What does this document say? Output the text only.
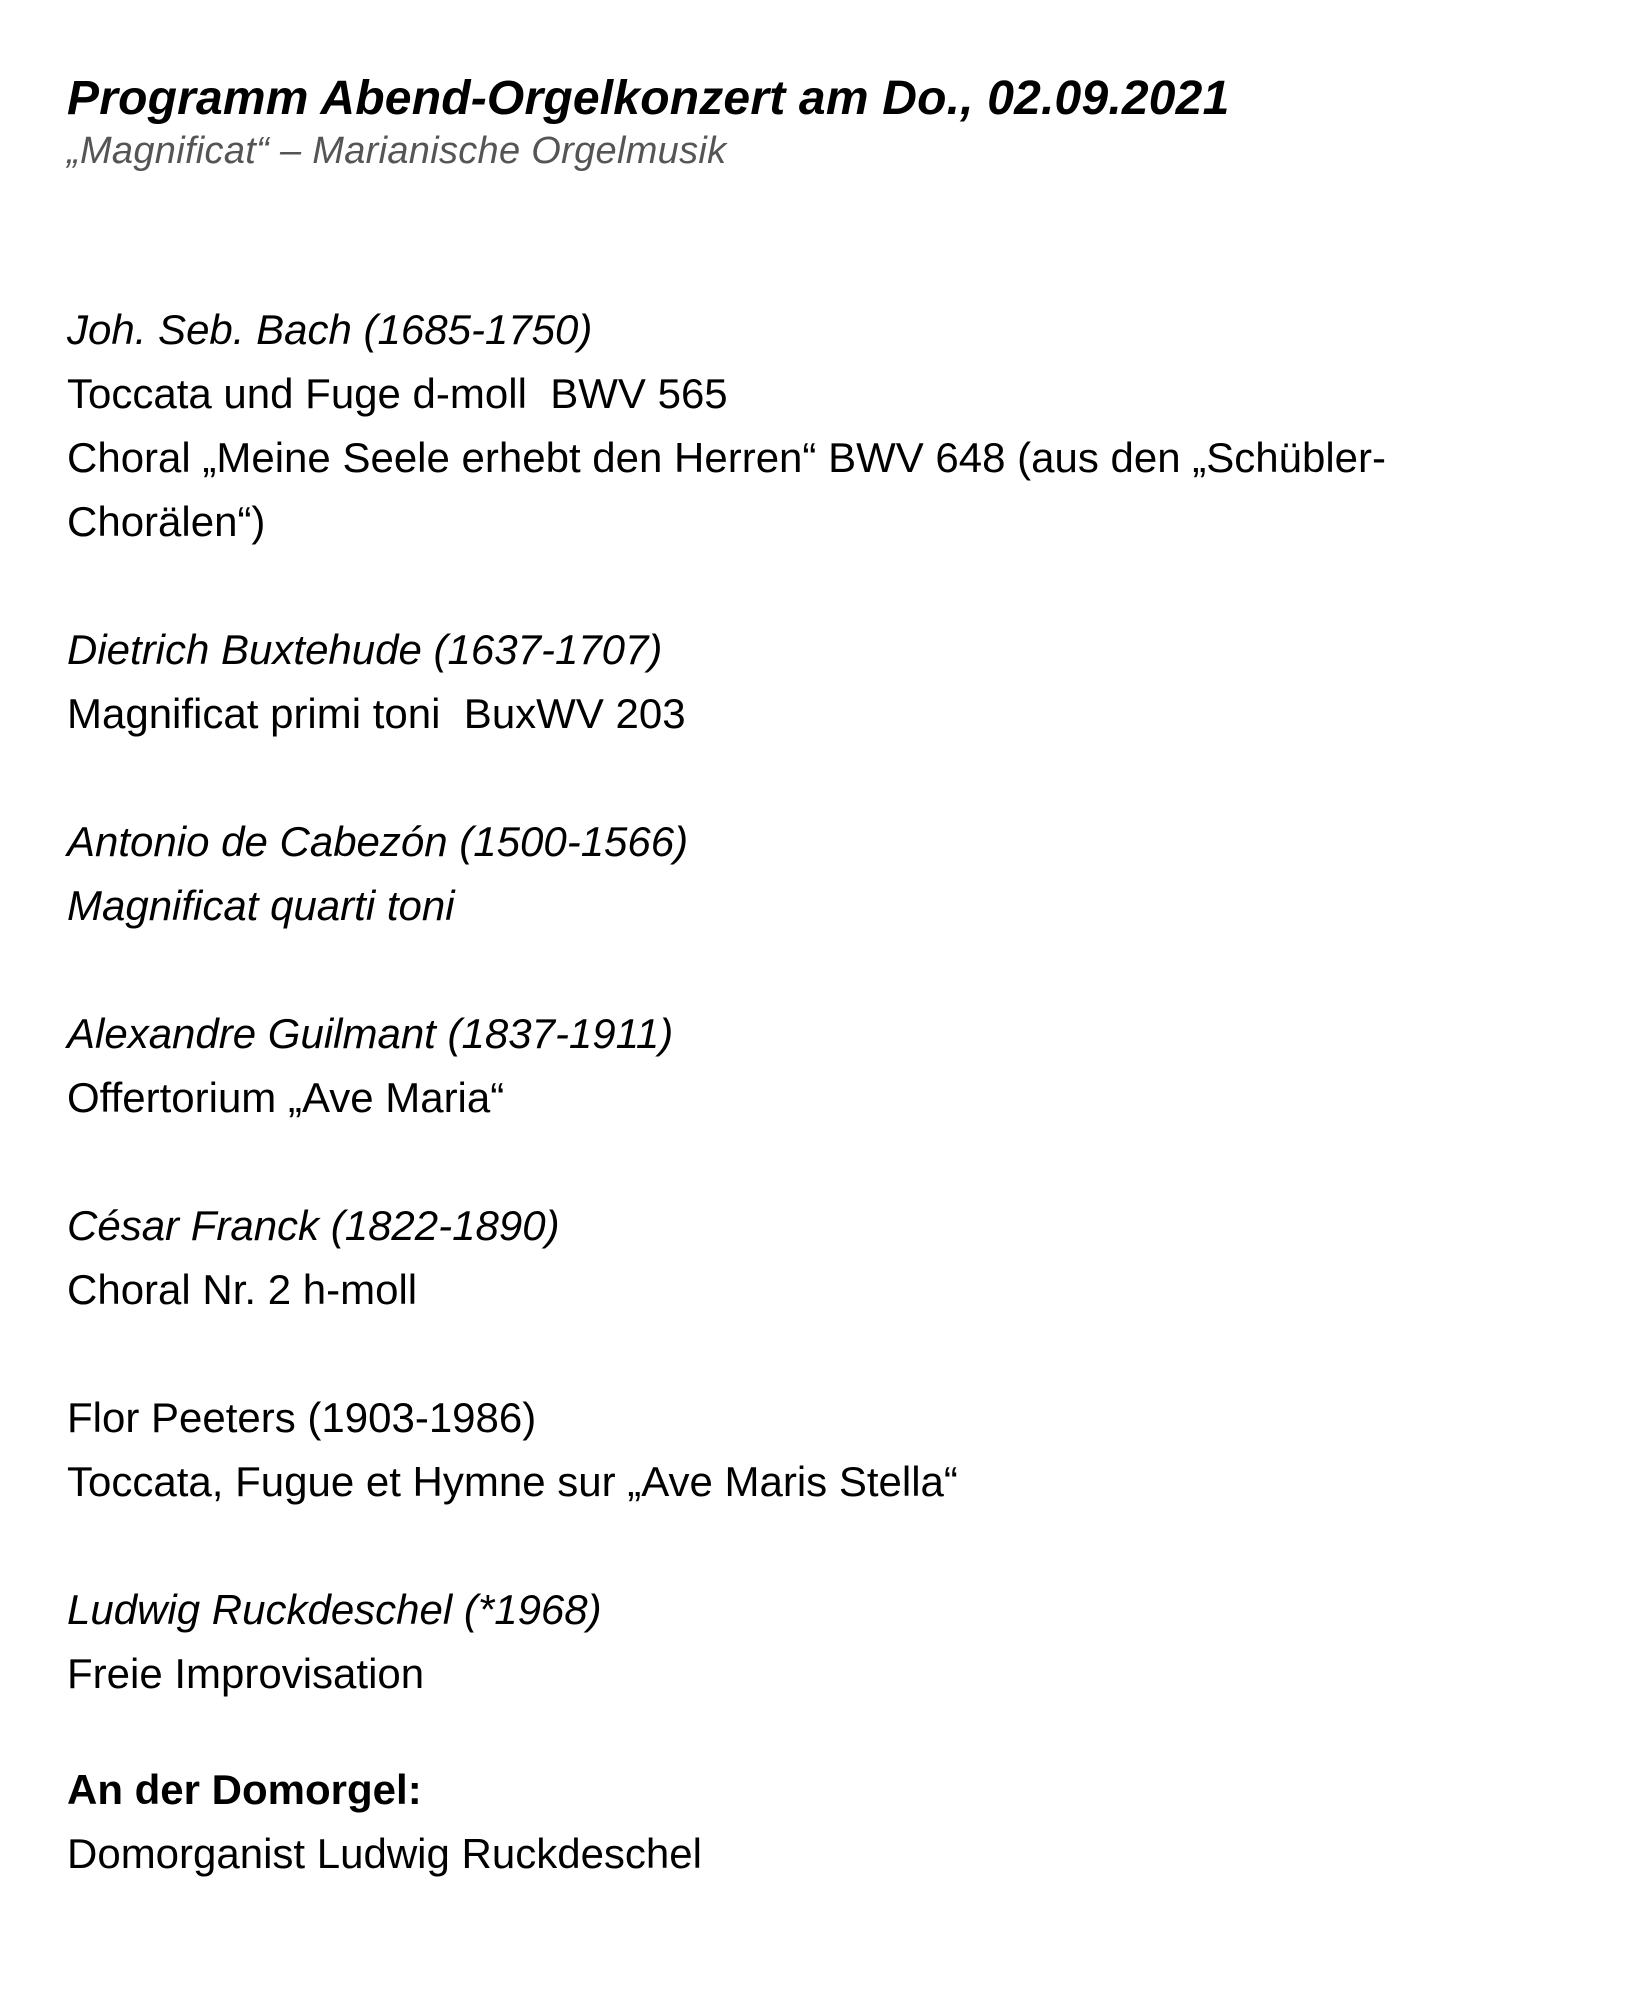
Programm Abend-Orgelkonzert am Do., 02.09.2021

„Magnificat“ – Marianische Orgelmusik

Joh. Seb. Bach (1685-1750)

Toccata und Fuge d-moll  BWV 565

Choral „Meine Seele erhebt den Herren“ BWV 648 (aus den „Schübler-

Chorälen“)

Dietrich Buxtehude (1637-1707)

Magnificat primi toni  BuxWV 203

Antonio de Cabezón (1500-1566)

Magnificat quarti toni

Alexandre Guilmant (1837-1911)

Offertorium „Ave Maria“

César Franck (1822-1890)

Choral Nr. 2 h-moll

Flor Peeters (1903-1986)

Toccata, Fugue et Hymne sur „Ave Maris Stella“

Ludwig Ruckdeschel (*1968)

Freie Improvisation

An der Domorgel:

Domorganist Ludwig Ruckdeschel
